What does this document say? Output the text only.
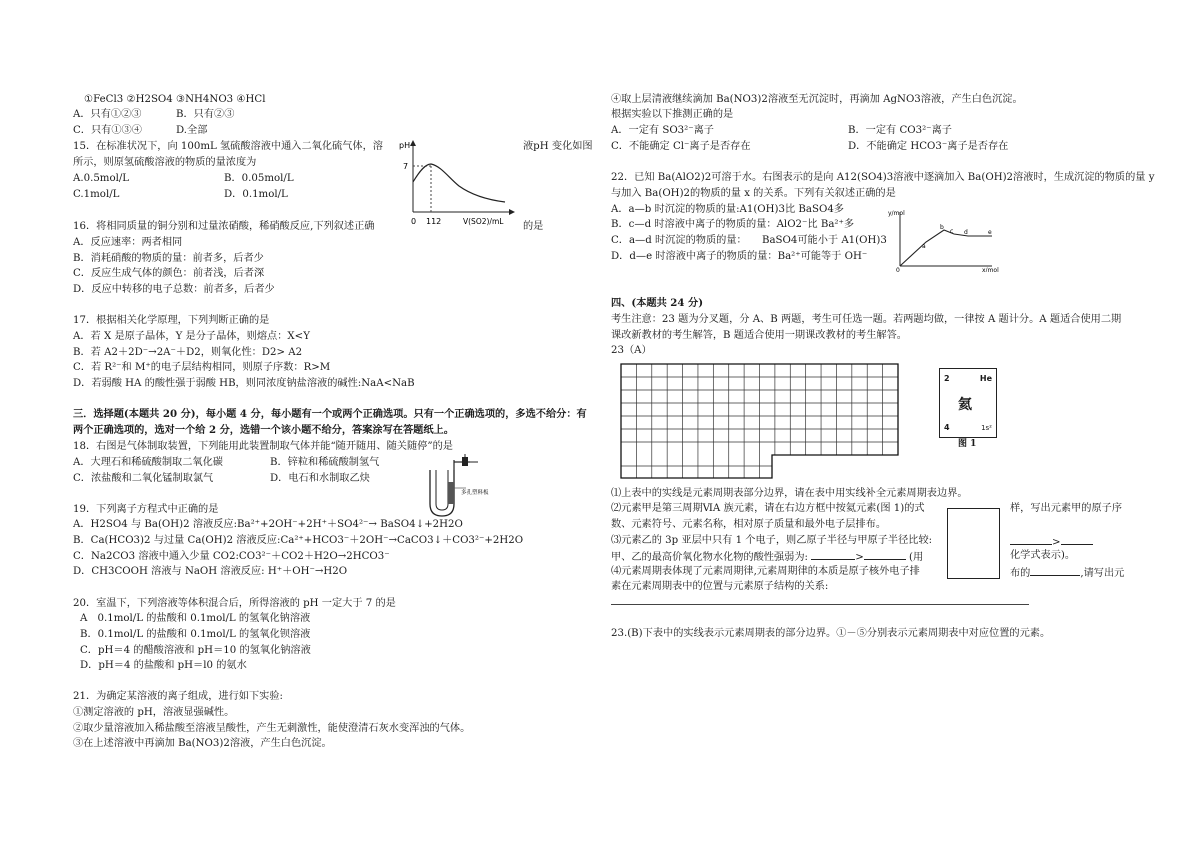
①FeCl3 ②H2SO4 ③NH4NO3 ④HCl
A．只有①②③	B．只有②③
C．只有①③④	D.全部
15．在标准状况下，向 100mL 氢硫酸溶液中通入二氧化硫气体，溶	液pH 变化如图
所示，则原氢硫酸溶液的物质的量浓度为
A.0.5mol/L	B．0.05mol/L
C.1mol/L	D．0.1mol/L
pH
7
0 112	V(SO2)/mL
16．将相同质量的铜分别和过量浓硝酸，稀硝酸反应,下列叙述正确	的是
A．反应速率：两者相同
B．消耗硝酸的物质的量：前者多，后者少
C．反应生成气体的颜色：前者浅，后者深
D．反应中转移的电子总数：前者多，后者少
17．根据相关化学原理，下列判断正确的是
A．若 X 是原子晶体，Y 是分子晶体，则熔点：X<Y
B．若 A2＋2D⁻→2A⁻＋D2，则氧化性：D2> A2
C．若 R²⁻和 M⁺的电子层结构相同，则原子序数：R>M
D．若弱酸 HA 的酸性强于弱酸 HB，则同浓度钠盐溶液的碱性:NaA<NaB
三．选择题(本题共 20 分)，每小题 4 分，每小题有一个或两个正确选项。只有一个正确选项的，多选不给分：有
两个正确选项的，选对一个给 2 分，选错一个该小题不给分，答案涂写在答题纸上。
18．右图是气体制取装置，下列能用此装置制取气体并能“随开随用、随关随停”的是
A．大理石和稀硫酸制取二氧化碳	B．锌粒和稀硫酸制氢气
C．浓盐酸和二氧化锰制取氯气	D．电石和水制取乙炔
多孔塑料板
19．下列离子方程式中正确的是
A．H2SO4 与 Ba(OH)2 溶液反应:Ba²⁺+2OH⁻+2H⁺＋SO4²⁻→ BaSO4↓+2H2O
B．Ca(HCO3)2 与过量 Ca(OH)2 溶液反应:Ca²⁺+HCO3⁻＋2OH⁻→CaCO3↓＋CO3²⁻+2H2O
C．Na2CO3 溶液中通入少量 CO2:CO3²⁻＋CO2＋H2O→2HCO3⁻
D．CH3COOH 溶液与 NaOH 溶液反应: H⁺＋OH⁻→H2O
20．室温下，下列溶液等体积混合后，所得溶液的 pH 一定大于 7 的是
A　0.1mol/L 的盐酸和 0.1mol/L 的氢氧化钠溶液
B．0.1mol/L 的盐酸和 0.1mol/L 的氢氧化钡溶液
C．pH＝4 的醋酸溶液和 pH＝10 的氢氧化钠溶液
D．pH＝4 的盐酸和 pH＝l0 的氨水
21．为确定某溶液的离子组成，进行如下实验:
①测定溶液的 pH，溶液显强碱性。
②取少量溶液加入稀盐酸至溶液呈酸性，产生无刺激性，能使澄清石灰水变浑浊的气体。
③在上述溶液中再滴加 Ba(NO3)2溶液，产生白色沉淀。
④取上层清液继续滴加 Ba(NO3)2溶液至无沉淀时，再滴加 AgNO3溶液，产生白色沉淀。
根据实验以下推测正确的是
A．一定有 SO3²⁻离子	B．一定有 CO3²⁻离子
C．不能确定 Cl⁻离子是否存在	D．不能确定 HCO3⁻离子是否存在
22．已知 Ba(AlO2)2可溶于水。右图表示的是向 A12(SO4)3溶液中逐滴加入 Ba(OH)2溶液时，生成沉淀的物质的量 y
与加入 Ba(OH)2的物质的量 x 的关系。下列有关叙述正确的是
A．a—b 时沉淀的物质的量:A1(OH)3比 BaSO4多
B．c—d 时溶液中离子的物质的量：AlO2⁻比 Ba²⁺多
C．a—d 时沉淀的物质的量：　　BaSO4可能小于 A1(OH)3
D．d—e 时溶液中离子的物质的量：Ba²⁺可能等于 OH⁻
y/mol
x/mol
0
a
b
c d	e
四、(本题共 24 分)
考生注意：23 题为分叉题，分 A、B 两题，考生可任选一题。若两题均做，一律按 A 题计分。A 题适合使用二期
课改新教材的考生解答，B 题适合使用一期课改教材的考生解答。
23（A）
2	He
氦
4	1s²
图 1
⑴上表中的实线是元素周期表部分边界，请在表中用实线补全元素周期表边界。
⑵元素甲是第三周期ⅥA 族元素，请在右边方框中按氦元素(图 1)的式	样，写出元素甲的原子序
数、元素符号、元素名称，相对原子质量和最外电子层排布。
⑶元素乙的 3p 亚层中只有 1 个电子，则乙原子半径与甲原子半径比较:	>
甲、乙的最高价氧化物水化物的酸性强弱为:	>	(用	化学式表示)。
⑷元素周期表体现了元素周期律,元素周期律的本质是原子核外电子排	布的	,请写出元
素在元素周期表中的位置与元素原子结构的关系:
23.(B)下表中的实线表示元素周期表的部分边界。①－⑤分别表示元素周期表中对应位置的元素。
